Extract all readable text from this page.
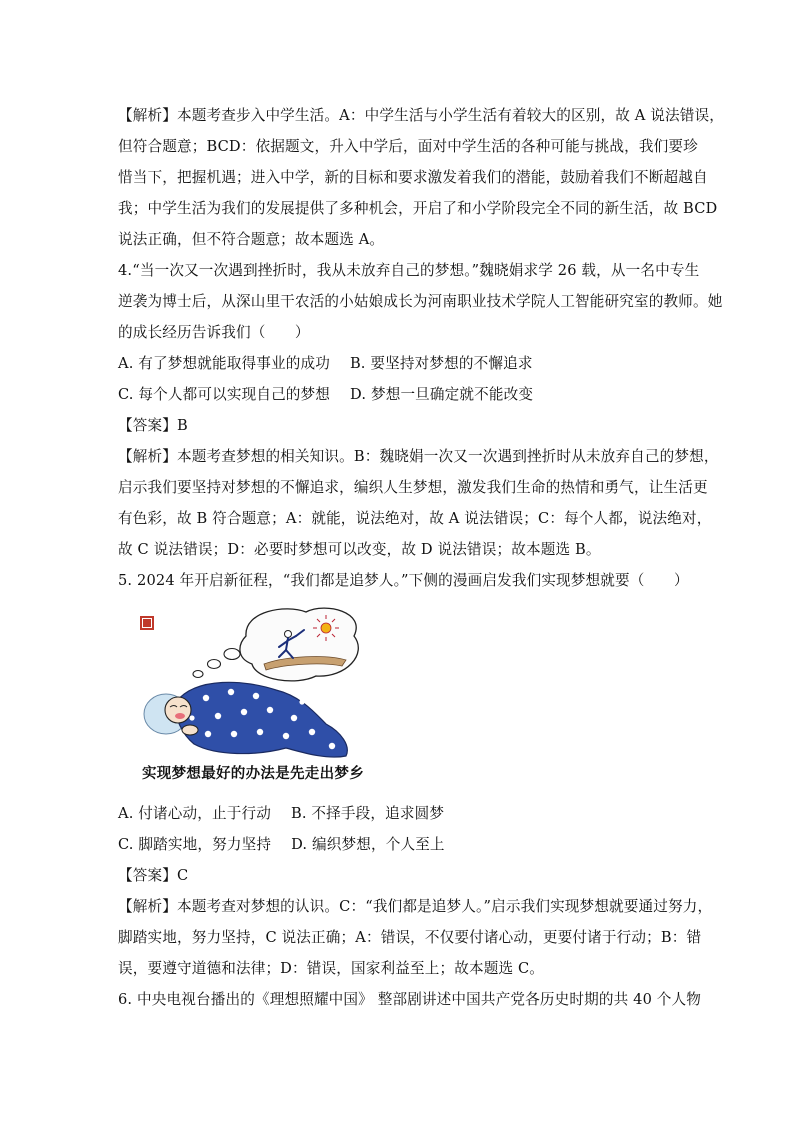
【解析】本题考查步入中学生活。A：中学生活与小学生活有着较大的区别，故 A 说法错误，

但符合题意；BCD：依据题文，升入中学后，面对中学生活的各种可能与挑战，我们要珍

惜当下，把握机遇；进入中学，新的目标和要求激发着我们的潜能，鼓励着我们不断超越自

我；中学生活为我们的发展提供了多种机会，开启了和小学阶段完全不同的新生活，故 BCD

说法正确，但不符合题意；故本题选 A。

4.“当一次又一次遇到挫折时，我从未放弃自己的梦想。”魏晓娟求学 26 载，从一名中专生

逆袭为博士后，从深山里干农活的小姑娘成长为河南职业技术学院人工智能研究室的教师。她

的成长经历告诉我们（　　）

A. 有了梦想就能取得事业的成功 B. 要坚持对梦想的不懈追求

C. 每个人都可以实现自己的梦想 D. 梦想一旦确定就不能改变

【答案】B

【解析】本题考查梦想的相关知识。B：魏晓娟一次又一次遇到挫折时从未放弃自己的梦想，

启示我们要坚持对梦想的不懈追求，编织人生梦想，激发我们生命的热情和勇气，让生活更

有色彩，故 B 符合题意；A：就能，说法绝对，故 A 说法错误；C：每个人都，说法绝对，

故 C 说法错误；D：必要时梦想可以改变，故 D 说法错误；故本题选 B。

5. 2024 年开启新征程，“我们都是追梦人。”下侧的漫画启发我们实现梦想就要（　　）

实现梦想最好的办法是先走出梦乡

A. 付诸心动，止于行动 B. 不择手段，追求圆梦

C. 脚踏实地，努力坚持 D. 编织梦想，个人至上

【答案】C

【解析】本题考查对梦想的认识。C：“我们都是追梦人。”启示我们实现梦想就要通过努力，

脚踏实地，努力坚持，C 说法正确；A：错误，不仅要付诸心动，更要付诸于行动；B：错

误，要遵守道德和法律；D：错误，国家利益至上；故本题选 C。

6. 中央电视台播出的《理想照耀中国》 整部剧讲述中国共产党各历史时期的共 40 个人物
